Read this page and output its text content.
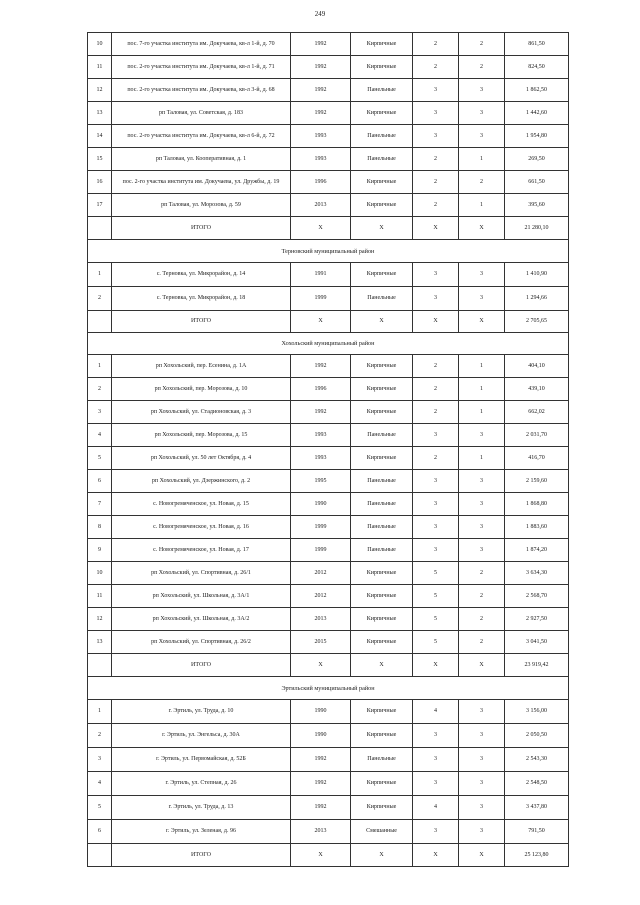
249
10	пос. 7-го участка института им. Докучаева, кв-л 1-й, д. 70	1992	Кирпичные	2	2	861,50
11	пос. 2-го участка института им. Докучаева, кв-л 1-й, д. 71	1992	Кирпичные	2	2	824,50
12	пос. 2-го участка института им. Докучаева, кв-л 3-й, д. 68	1992	Панельные	3	3	1 862,50
13	рп Таловая, ул. Советская, д. 183	1992	Кирпичные	3	3	1 442,60
14	пос. 2-го участка института им. Докучаева, кв-л 6-й, д. 72	1993	Панельные	3	3	1 954,80
15	рп Таловая, ул. Кооперативная, д. 1	1993	Панельные	2	1	269,50
16	пос. 2-го участка института им. Докучаева, ул. Дружбы, д. 19	1996	Кирпичные	2	2	661,50
17	рп Таловая, ул. Морозова, д. 59	2013	Кирпичные	2	1	395,60
	ИТОГО	X	X	X	X	21 280,10
Терновский муниципальный район						
1	с. Терновка, ул. Микрорайон, д. 14	1991	Кирпичные	3	3	1 410,90
2	с. Терновка, ул. Микрорайон, д. 18	1999	Панельные	3	3	1 294,66
	ИТОГО	X	X	X	X	2 705,65
Хохольский муниципальный район						
1	рп Хохольский, пер. Есенина, д. 1А	1992	Кирпичные	2	1	404,10
2	рп Хохольский, пер. Морозова, д. 10	1996	Кирпичные	2	1	439,10
3	рп Хохольский, ул. Стадионовская, д. 3	1992	Кирпичные	2	1	662,02
4	рп Хохольский, пер. Морозова, д. 15	1993	Панельные	3	3	2 031,70
5	рп Хохольский, ул. 50 лет Октября, д. 4	1993	Кирпичные	2	1	416,70
6	рп Хохольский, ул. Дзержинского, д. 2	1995	Панельные	3	3	2 159,60
7	с. Новогремяченское, ул. Новая, д. 15	1990	Панельные	3	3	1 868,80
8	с. Новогремяченское, ул. Новая, д. 16	1999	Панельные	3	3	1 883,60
9	с. Новогремяченское, ул. Новая, д. 17	1999	Панельные	3	3	1 874,20
10	рп Хохольский, ул. Спортивная, д. 26/1	2012	Кирпичные	5	2	3 634,30
11	рп Хохольский, ул. Школьная, д. 3А/1	2012	Кирпичные	5	2	2 568,70
12	рп Хохольский, ул. Школьная, д. 3А/2	2013	Кирпичные	5	2	2 927,50
13	рп Хохольский, ул. Спортивная, д. 26/2	2015	Кирпичные	5	2	3 041,50
	ИТОГО	X	X	X	X	23 919,42
Эртильский муниципальный район						
1	г. Эртиль, ул. Труда, д. 10	1990	Кирпичные	4	3	3 156,00
2	г. Эртиль, ул. Энгельса, д. 30А	1990	Кирпичные	3	3	2 050,50
3	г. Эртиль, ул. Первомайская, д. 52Б	1992	Панельные	3	3	2 543,30
4	г. Эртиль, ул. Степная, д. 26	1992	Кирпичные	3	3	2 548,50
5	г. Эртиль, ул. Труда, д. 13	1992	Кирпичные	4	3	3 437,80
6	г. Эртиль, ул. Зеленая, д. 96	2013	Смешанные	3	3	791,50
	ИТОГО	X	X	X	X	25 123,80
